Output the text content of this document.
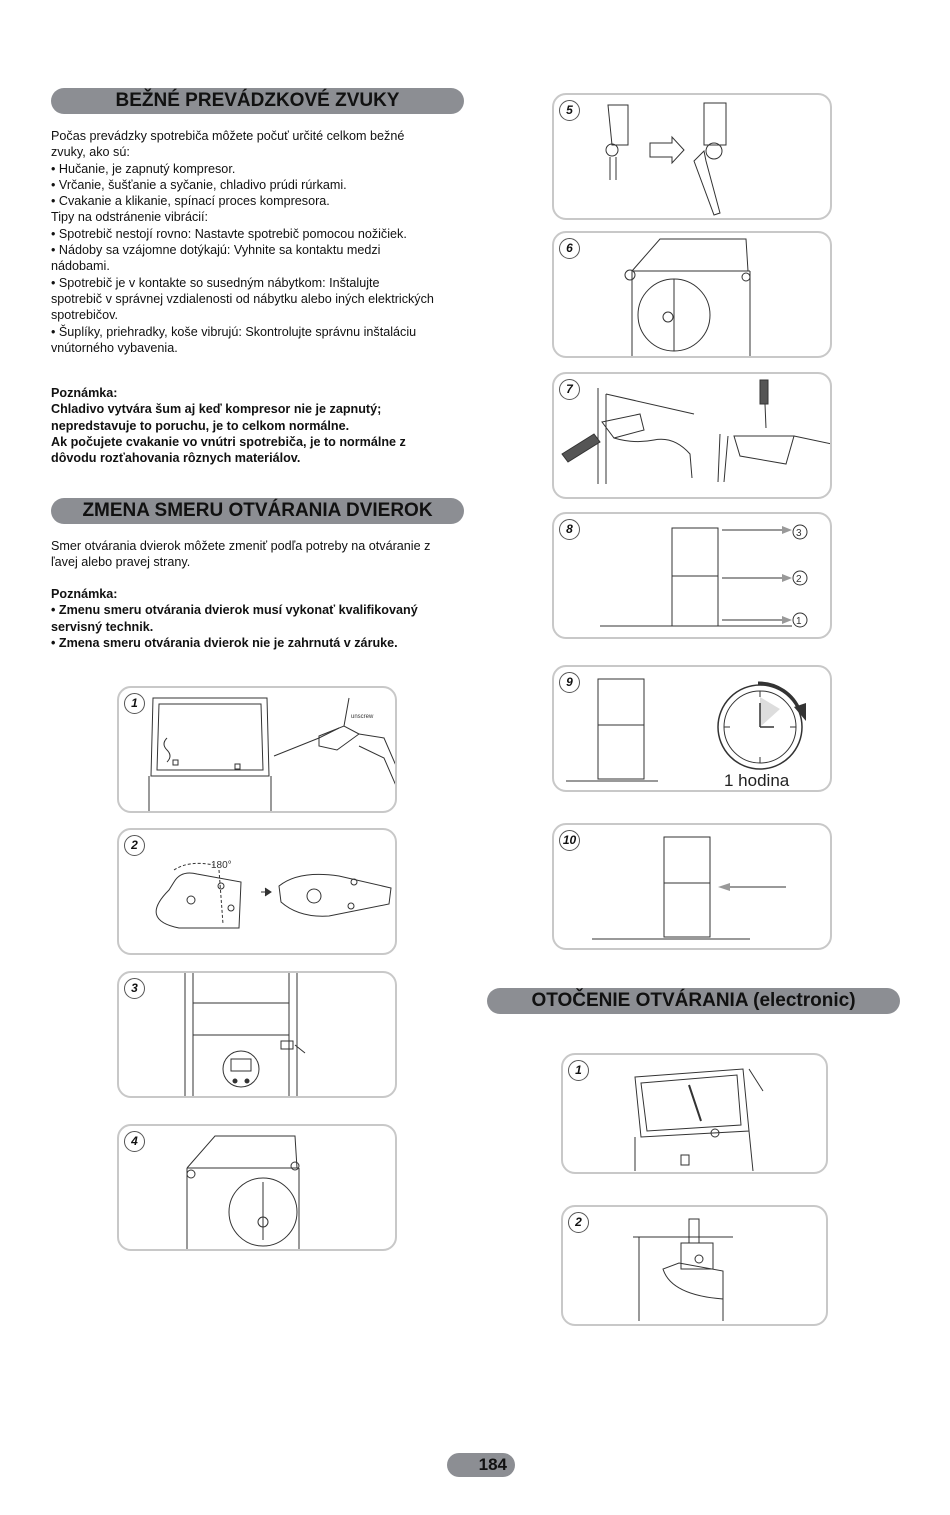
BEŽNÉ PREVÁDZKOVÉ ZVUKY

Počas prevádzky spotrebiča môžete počuť určité celkom bežné

zvuky, ako sú:

• Hučanie, je zapnutý kompresor.

• Vrčanie, šušťanie a syčanie, chladivo prúdi rúrkami.

• Cvakanie a klikanie, spínací proces kompresora.

Tipy na odstránenie vibrácií:

• Spotrebič nestojí rovno: Nastavte spotrebič pomocou nožičiek.

• Nádoby sa vzájomne dotýkajú: Vyhnite sa kontaktu medzi

nádobami.

• Spotrebič je v kontakte so susedným nábytkom: Inštalujte

spotrebič v správnej vzdialenosti od nábytku alebo iných elektrických

spotrebičov.

• Šuplíky, priehradky, koše vibrujú: Skontrolujte správnu inštaláciu

vnútorného vybavenia.

Poznámka:

Chladivo vytvára šum aj keď kompresor nie je zapnutý;

nepredstavuje to poruchu, je to celkom normálne.

Ak počujete cvakanie vo vnútri spotrebiča, je to normálne z

dôvodu rozťahovania rôznych materiálov.

ZMENA SMERU OTVÁRANIA DVIEROK

Smer otvárania dvierok môžete zmeniť podľa potreby na otváranie z

ľavej alebo pravej strany.

Poznámka:

• Zmenu smeru otvárania dvierok musí vykonať kvalifikovaný

servisný technik.

• Zmena smeru otvárania dvierok nie je zahrnutá v záruke.

1
unscrew
2
180°
3
4
5
6
7
8	3
2
1
9
1 hodina
10
OTOČENIE OTVÁRANIA (electronic)
1
2
184
